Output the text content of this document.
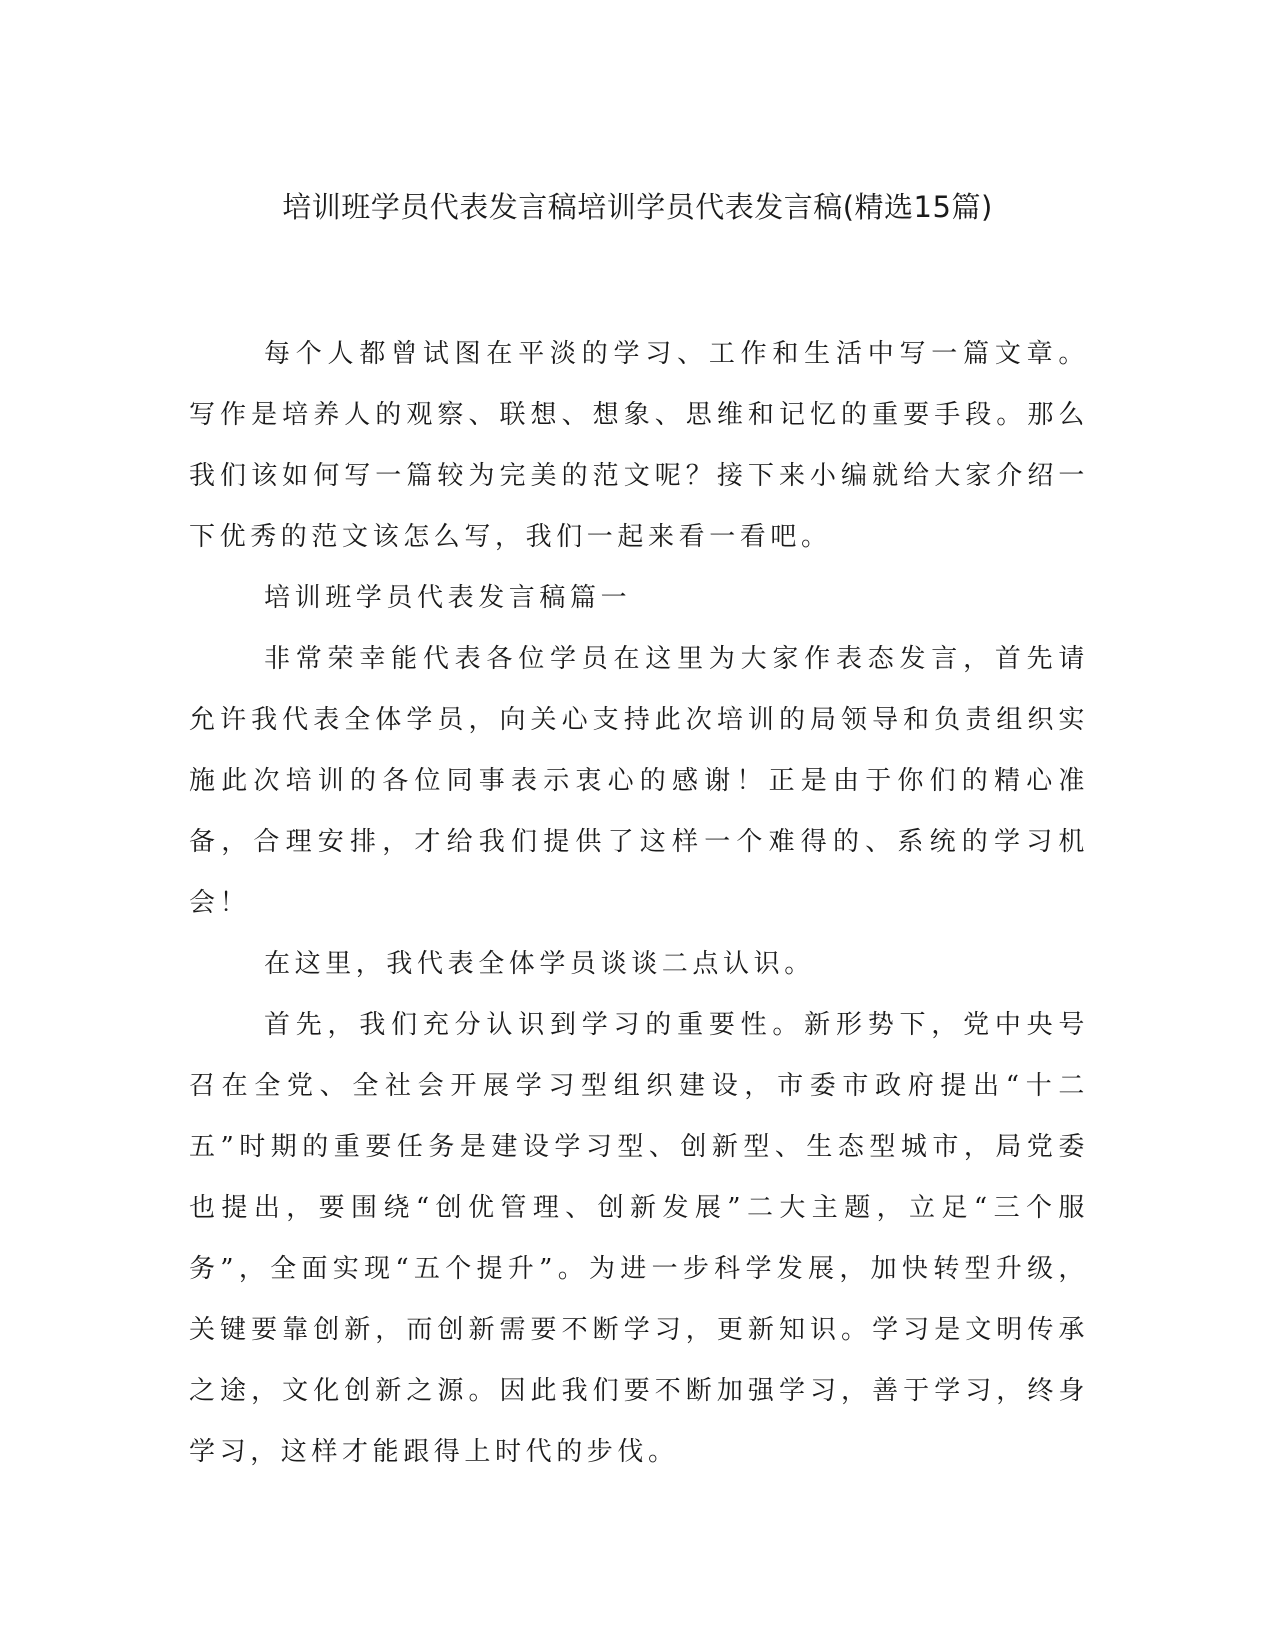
培训班学员代表发言稿培训学员代表发言稿(精选15篇)

每个人都曾试图在平淡的学习、工作和生活中写一篇文章。写作是培养人的观察、联想、想象、思维和记忆的重要手段。那么我们该如何写一篇较为完美的范文呢？接下来小编就给大家介绍一下优秀的范文该怎么写，我们一起来看一看吧。

培训班学员代表发言稿篇一

非常荣幸能代表各位学员在这里为大家作表态发言，首先请允许我代表全体学员，向关心支持此次培训的局领导和负责组织实施此次培训的各位同事表示衷心的感谢！正是由于你们的精心准备，合理安排，才给我们提供了这样一个难得的、系统的学习机会！

在这里，我代表全体学员谈谈二点认识。

首先，我们充分认识到学习的重要性。新形势下，党中央号召在全党、全社会开展学习型组织建设，市委市政府提出“十二五”时期的重要任务是建设学习型、创新型、生态型城市，局党委也提出，要围绕“创优管理、创新发展”二大主题，立足“三个服务”，全面实现“五个提升”。为进一步科学发展，加快转型升级，关键要靠创新，而创新需要不断学习，更新知识。学习是文明传承之途，文化创新之源。因此我们要不断加强学习，善于学习，终身学习，这样才能跟得上时代的步伐。
